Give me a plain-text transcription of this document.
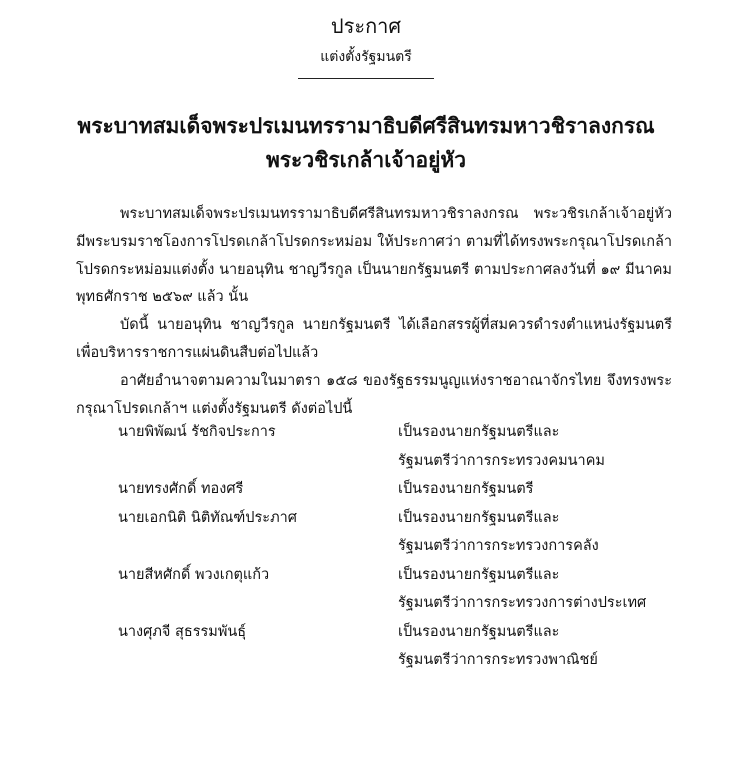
ประกาศ
แต่งตั้งรัฐมนตรี
พระบาทสมเด็จพระปรเมนทรรามาธิบดีศรีสินทรมหาวชิราลงกรณ
พระวชิรเกล้าเจ้าอยู่หัว

พระบาทสมเด็จพระปรเมนทรรามาธิบดีศรีสินทรมหาวชิราลงกรณ พระวชิรเกล้าเจ้าอยู่หัว มีพระบรมราชโองการโปรดเกล้าโปรดกระหม่อม ให้ประกาศว่า ตามที่ได้ทรงพระกรุณาโปรดเกล้าโปรดกระหม่อมแต่งตั้ง นายอนุทิน ชาญวีรกูล เป็นนายกรัฐมนตรี ตามประกาศลงวันที่ ๑๙ มีนาคม พุทธศักราช ๒๕๖๙ แล้ว นั้น

บัดนี้ นายอนุทิน ชาญวีรกูล นายกรัฐมนตรี ได้เลือกสรรผู้ที่สมควรดำรงตำแหน่งรัฐมนตรีเพื่อบริหารราชการแผ่นดินสืบต่อไปแล้ว

อาศัยอำนาจตามความในมาตรา ๑๕๘ ของรัฐธรรมนูญแห่งราชอาณาจักรไทย จึงทรงพระกรุณาโปรดเกล้าฯ แต่งตั้งรัฐมนตรี ดังต่อไปนี้

นายพิพัฒน์ รัชกิจประการ	เป็นรองนายกรัฐมนตรีและ
รัฐมนตรีว่าการกระทรวงคมนาคม
นายทรงศักดิ์ ทองศรี	เป็นรองนายกรัฐมนตรี
นายเอกนิติ นิติทัณฑ์ประภาศ	เป็นรองนายกรัฐมนตรีและ
รัฐมนตรีว่าการกระทรวงการคลัง
นายสีหศักดิ์ พวงเกตุแก้ว	เป็นรองนายกรัฐมนตรีและ
รัฐมนตรีว่าการกระทรวงการต่างประเทศ
นางศุภจี สุธรรมพันธุ์	เป็นรองนายกรัฐมนตรีและ
รัฐมนตรีว่าการกระทรวงพาณิชย์
